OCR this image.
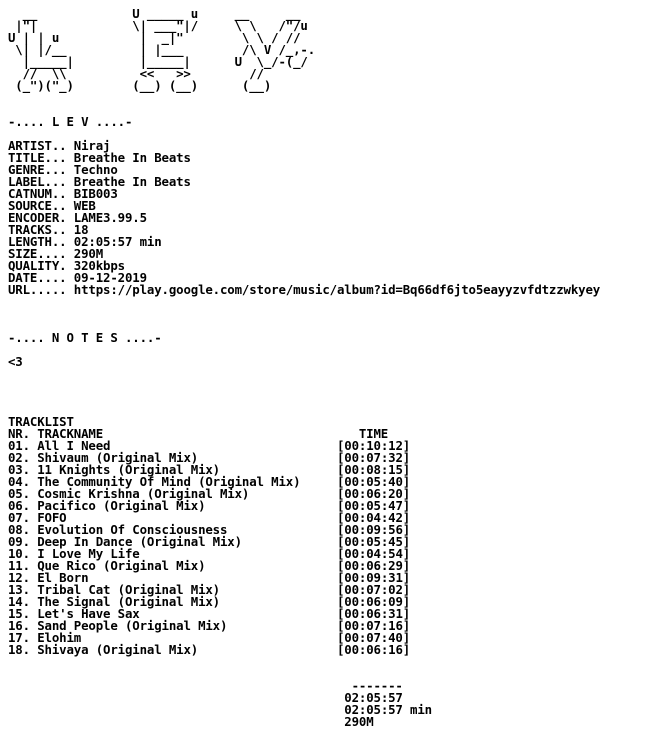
__             U _____ u     __     __
|"|             \| ___"|/     \ \   /"/u
U | | u           |  _|"        \ \ / //
\| |/__          | |___        /\ V /_,-.
|_____|         |_____|      U  \_/-(_/
//  \\          <<   >>        //
(_")("_)        (__) (__)      (__)

-.... L E V ....-

ARTIST.. Niraj
TITLE... Breathe In Beats
GENRE... Techno
LABEL... Breathe In Beats
CATNUM.. BIB003
SOURCE.. WEB
ENCODER. LAME3.99.5
TRACKS.. 18
LENGTH.. 02:05:57 min
SIZE.... 290M
QUALITY. 320kbps
DATE.... 09-12-2019
URL..... https://play.google.com/store/music/album?id=Bq66df6jto5eayyzvfdtzzwkyey

-.... N O T E S ....-

<3

TRACKLIST
NR. TRACKNAME                                   TIME
01. All I Need	[00:10:12]
02. Shivaum (Original Mix)	[00:07:32]
03. 11 Knights (Original Mix)	[00:08:15]
04. The Community Of Mind (Original Mix)	[00:05:40]
05. Cosmic Krishna (Original Mix)	[00:06:20]
06. Pacifico (Original Mix)	[00:05:47]
07. FOFO	[00:04:42]
08. Evolution Of Consciousness	[00:09:56]
09. Deep In Dance (Original Mix)	[00:05:45]
10. I Love My Life	[00:04:54]
11. Que Rico (Original Mix)	[00:06:29]
12. El Born	[00:09:31]
13. Tribal Cat (Original Mix)	[00:07:02]
14. The Signal (Original Mix)	[00:06:09]
15. Let's Have Sax	[00:06:31]
16. Sand People (Original Mix)	[00:07:16]
17. Elohim	[00:07:40]
18. Shivaya (Original Mix)	[00:06:16]

-------
02:05:57
02:05:57 min
290M
